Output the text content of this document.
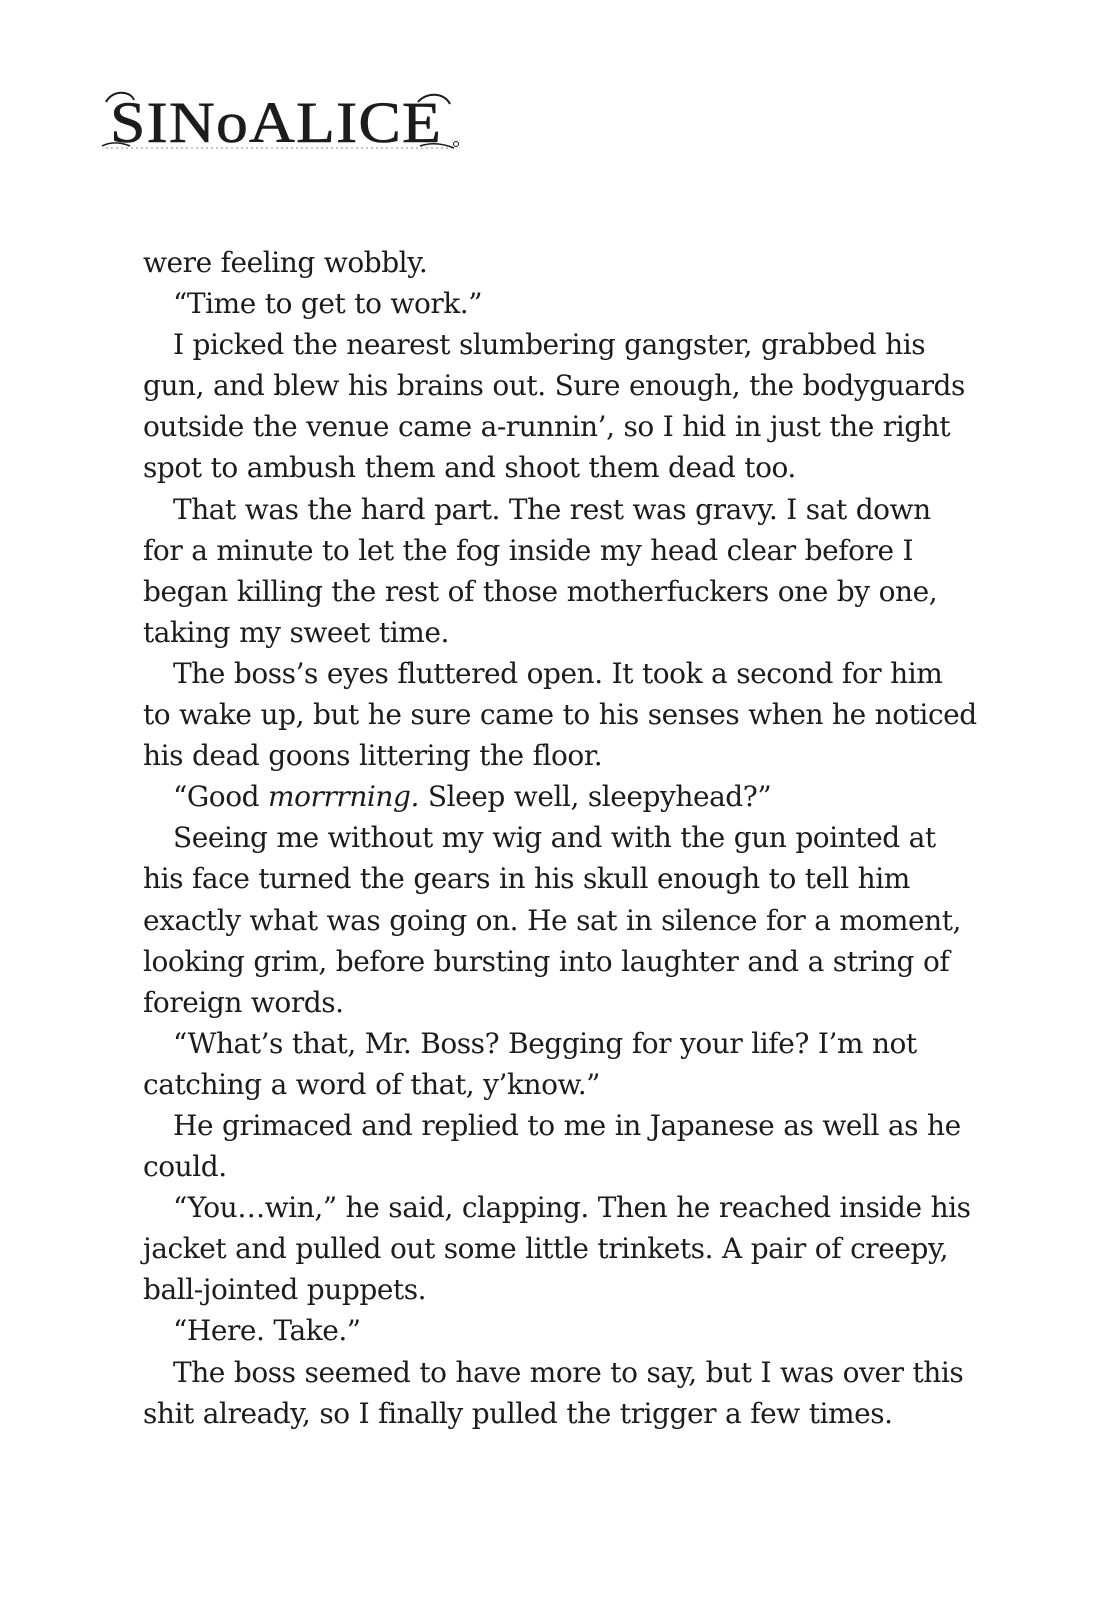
SINoALICE
were feeling wobbly.
“Time to get to work.”
I picked the nearest slumbering gangster, grabbed his
gun, and blew his brains out. Sure enough, the bodyguards
outside the venue came a-runnin’, so I hid in just the right
spot to ambush them and shoot them dead too.
That was the hard part. The rest was gravy. I sat down
for a minute to let the fog inside my head clear before I
began killing the rest of those motherfuckers one by one,
taking my sweet time.
The boss’s eyes fluttered open. It took a second for him
to wake up, but he sure came to his senses when he noticed
his dead goons littering the floor.
“Good morrrning. Sleep well, sleepyhead?”
Seeing me without my wig and with the gun pointed at
his face turned the gears in his skull enough to tell him
exactly what was going on. He sat in silence for a moment,
looking grim, before bursting into laughter and a string of
foreign words.
“What’s that, Mr. Boss? Begging for your life? I’m not
catching a word of that, y’know.”
He grimaced and replied to me in Japanese as well as he
could.
“You…win,” he said, clapping. Then he reached inside his
jacket and pulled out some little trinkets. A pair of creepy,
ball-jointed puppets.
“Here. Take.”
The boss seemed to have more to say, but I was over this
shit already, so I finally pulled the trigger a few times.
